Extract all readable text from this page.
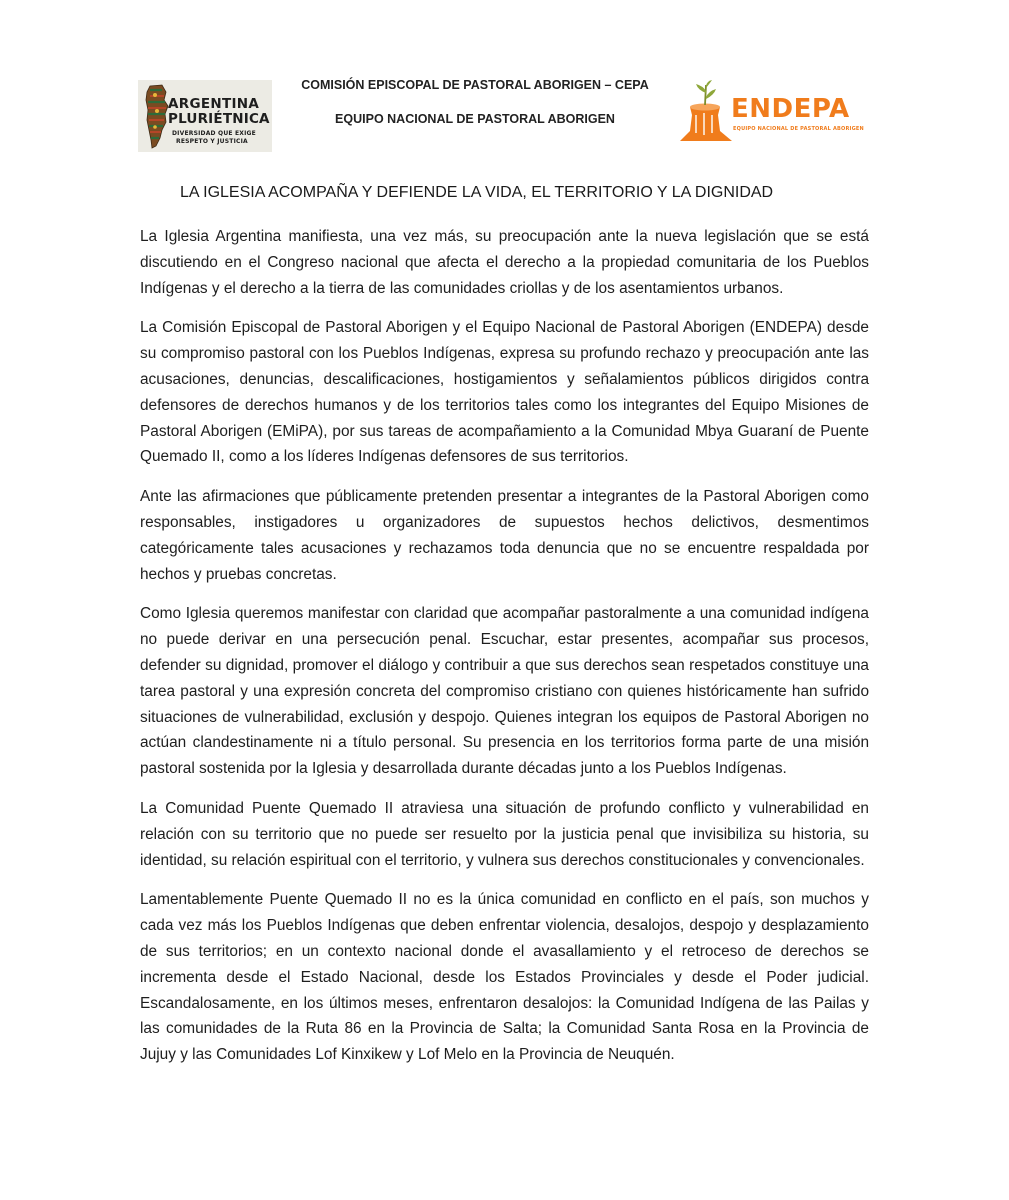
COMISIÓN EPISCOPAL DE PASTORAL ABORIGEN – CEPA
EQUIPO NACIONAL DE PASTORAL ABORIGEN
ARGENTINA
PLURIÉTNICA
DIVERSIDAD QUE EXIGE
RESPETO Y JUSTICIA
ENDEPA
EQUIPO NACIONAL DE PASTORAL ABORIGEN
LA IGLESIA ACOMPAÑA Y DEFIENDE LA VIDA, EL TERRITORIO Y LA DIGNIDAD

La Iglesia Argentina manifiesta, una vez más, su preocupación ante la nueva legislación que se está discutiendo en el Congreso nacional que afecta el derecho a la propiedad comunitaria de los Pueblos Indígenas y el derecho a la tierra de las comunidades criollas y de los asentamientos urbanos.

La Comisión Episcopal de Pastoral Aborigen y el Equipo Nacional de Pastoral Aborigen (ENDEPA) desde su compromiso pastoral con los Pueblos Indígenas, expresa su profundo rechazo y preocupación ante las acusaciones, denuncias, descalificaciones, hostigamientos y señalamientos públicos dirigidos contra defensores de derechos humanos y de los territorios tales como los integrantes del Equipo Misiones de Pastoral Aborigen (EMiPA), por sus tareas de acompañamiento a la Comunidad Mbya Guaraní de Puente Quemado II, como a los líderes Indígenas defensores de sus territorios.

Ante las afirmaciones que públicamente pretenden presentar a integrantes de la Pastoral Aborigen como responsables, instigadores u organizadores de supuestos hechos delictivos, desmentimos categóricamente tales acusaciones y rechazamos toda denuncia que no se encuentre respaldada por hechos y pruebas concretas.

Como Iglesia queremos manifestar con claridad que acompañar pastoralmente a una comunidad indígena no puede derivar en una persecución penal. Escuchar, estar presentes, acompañar sus procesos, defender su dignidad, promover el diálogo y contribuir a que sus derechos sean respetados constituye una tarea pastoral y una expresión concreta del compromiso cristiano con quienes históricamente han sufrido situaciones de vulnerabilidad, exclusión y despojo. Quienes integran los equipos de Pastoral Aborigen no actúan clandestinamente ni a título personal. Su presencia en los territorios forma parte de una misión pastoral sostenida por la Iglesia y desarrollada durante décadas junto a los Pueblos Indígenas.

La Comunidad Puente Quemado II atraviesa una situación de profundo conflicto y vulnerabilidad en relación con su territorio que no puede ser resuelto por la justicia penal que invisibiliza su historia, su identidad, su relación espiritual con el territorio, y vulnera sus derechos constitucionales y convencionales.

Lamentablemente Puente Quemado II no es la única comunidad en conflicto en el país, son muchos y cada vez más los Pueblos Indígenas que deben enfrentar violencia, desalojos, despojo y desplazamiento de sus territorios; en un contexto nacional donde el avasallamiento y el retroceso de derechos se incrementa desde el Estado Nacional, desde los Estados Provinciales y desde el Poder judicial. Escandalosamente, en los últimos meses, enfrentaron desalojos: la Comunidad Indígena de las Pailas y las comunidades de la Ruta 86 en la Provincia de Salta; la Comunidad Santa Rosa en la Provincia de Jujuy y las Comunidades Lof Kinxikew y Lof Melo en la Provincia de Neuquén.
